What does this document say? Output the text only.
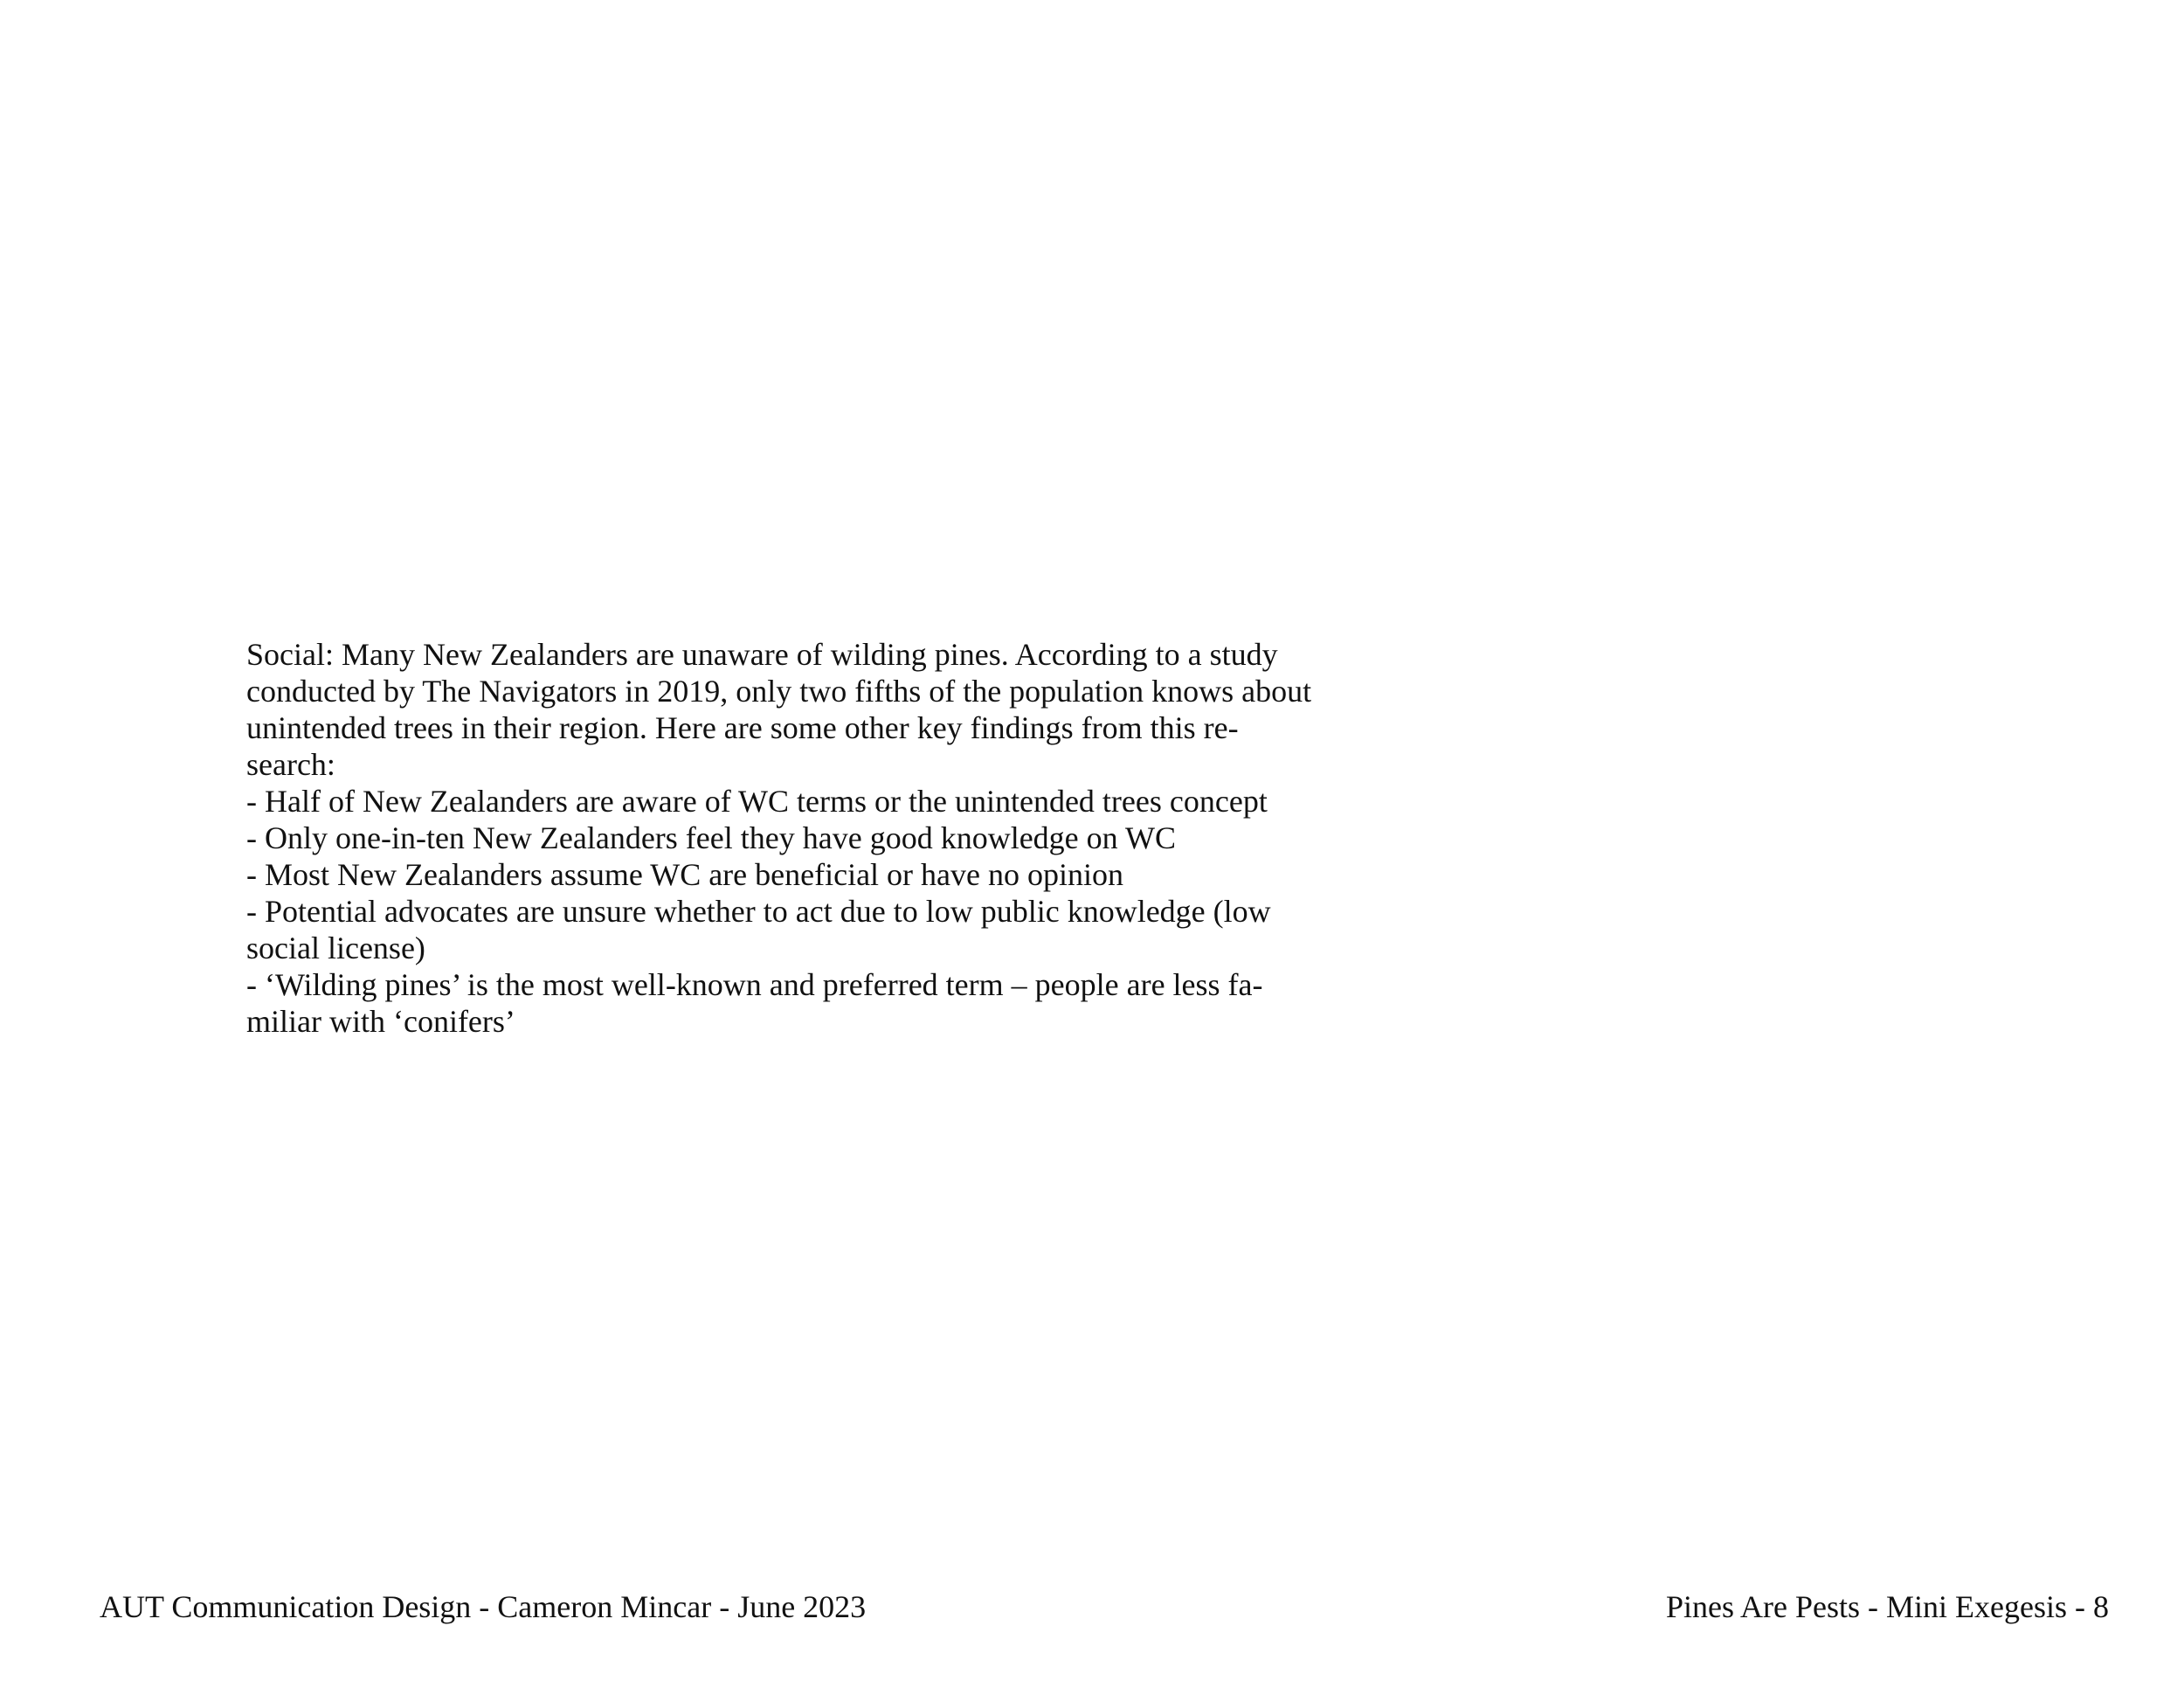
Social: Many New Zealanders are unaware of wilding pines. According to a study
conducted by The Navigators in 2019, only two fifths of the population knows about
unintended trees in their region. Here are some other key findings from this re-
search:
- Half of New Zealanders are aware of WC terms or the unintended trees concept
- Only one-in-ten New Zealanders feel they have good knowledge on WC
- Most New Zealanders assume WC are beneficial or have no opinion
- Potential advocates are unsure whether to act due to low public knowledge (low
social license)
- ‘Wilding pines’ is the most well-known and preferred term – people are less fa-
miliar with ‘conifers’
AUT Communication Design - Cameron Mincar - June 2023	Pines Are Pests - Mini Exegesis - 8
